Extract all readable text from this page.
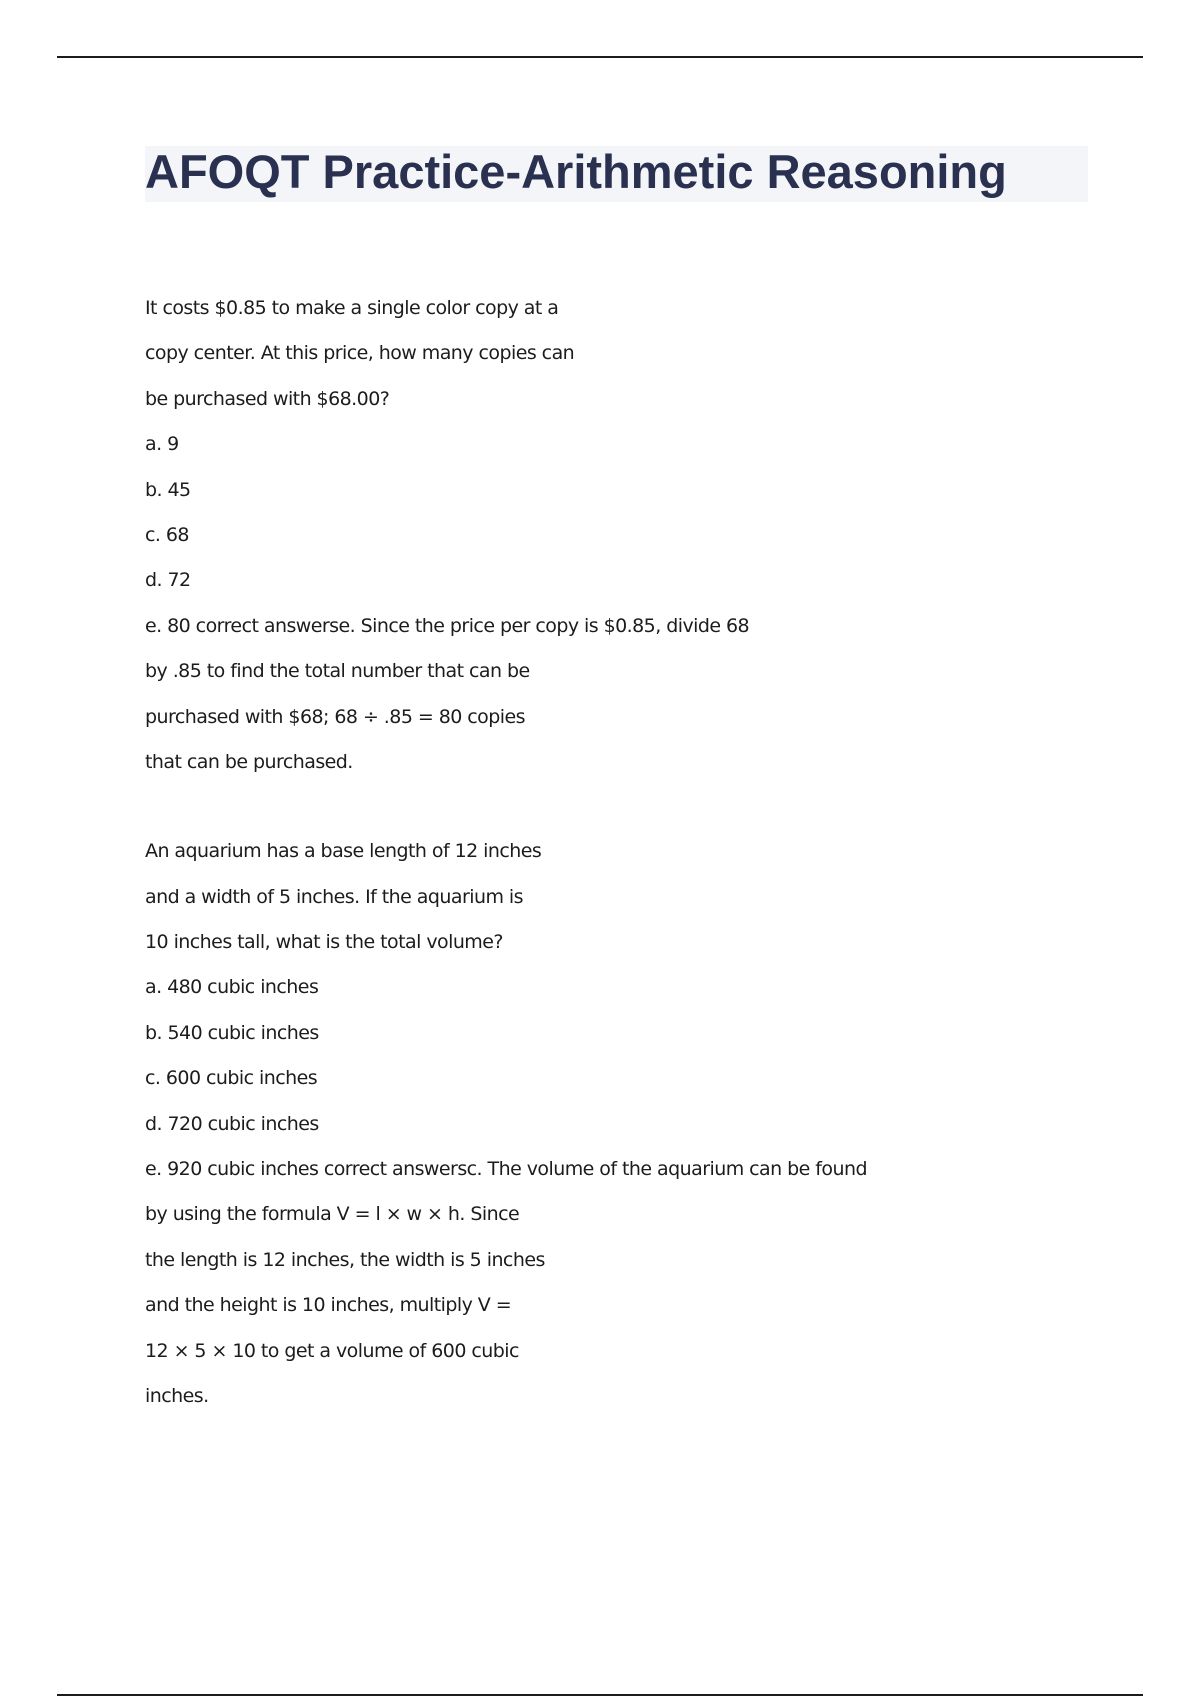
AFOQT Practice-Arithmetic Reasoning
It costs $0.85 to make a single color copy at a
copy center. At this price, how many copies can
be purchased with $68.00?
a. 9
b. 45
c. 68
d. 72
e. 80 correct answerse. Since the price per copy is $0.85, divide 68
by .85 to find the total number that can be
purchased with $68; 68 ÷ .85 = 80 copies
that can be purchased.
An aquarium has a base length of 12 inches
and a width of 5 inches. If the aquarium is
10 inches tall, what is the total volume?
a. 480 cubic inches
b. 540 cubic inches
c. 600 cubic inches
d. 720 cubic inches
e. 920 cubic inches correct answersc. The volume of the aquarium can be found
by using the formula V = l × w × h. Since
the length is 12 inches, the width is 5 inches
and the height is 10 inches, multiply V =
12 × 5 × 10 to get a volume of 600 cubic
inches.
